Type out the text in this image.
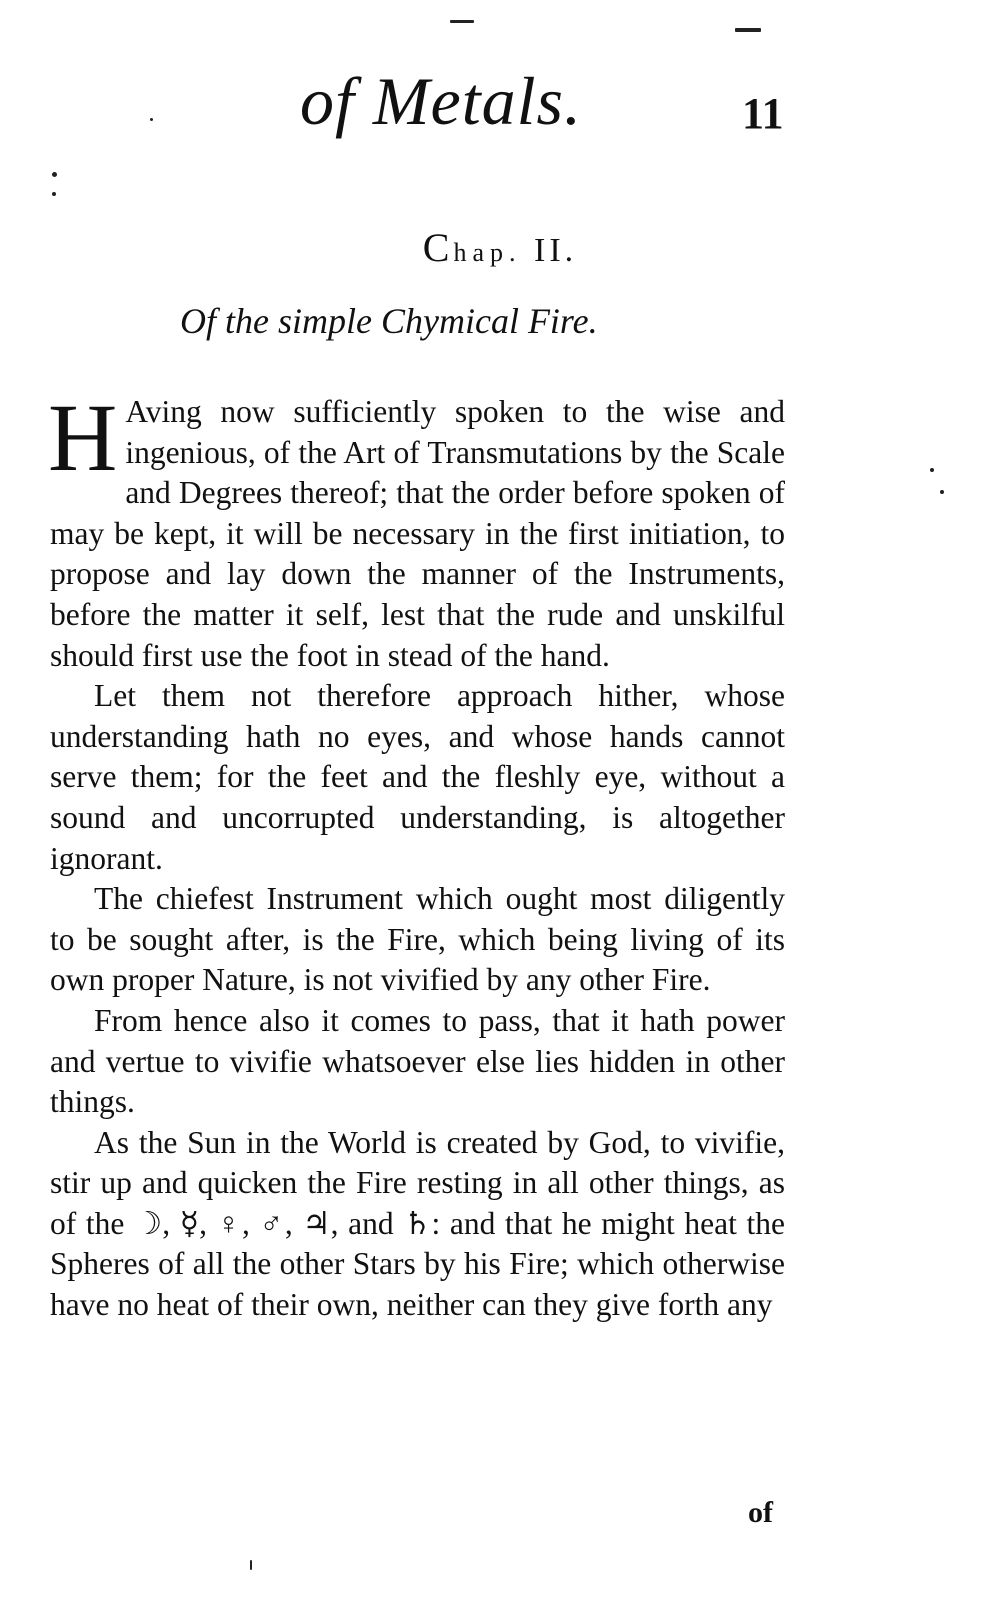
of Metals.	11
Chap. II.
Of the simple Chymical Fire.

H Aving now sufficiently spoken to the wise and ingenious, of the Art of Transmutations by the Scale and Degrees thereof; that the order before spoken of may be kept, it will be necessary in the first initiation, to propose and lay down the manner of the Instruments, before the matter it self, lest that the rude and unskilful should first use the foot in stead of the hand.

Let them not therefore approach hither, whose understanding hath no eyes, and whose hands cannot serve them; for the feet and the fleshly eye, without a sound and uncorrupted understanding, is altogether ignorant.

The chiefest Instrument which ought most diligently to be sought after, is the Fire, which being living of its own proper Nature, is not vivified by any other Fire.

From hence also it comes to pass, that it hath power and vertue to vivifie whatsoever else lies hidden in other things.

As the Sun in the World is created by God, to vivifie, stir up and quicken the Fire resting in all other things, as of the ☽, ☿, ♀, ♂, ♃, and ♄: and that he might heat the Spheres of all the other Stars by his Fire; which otherwise have no heat of their own, neither can they give forth any

of
